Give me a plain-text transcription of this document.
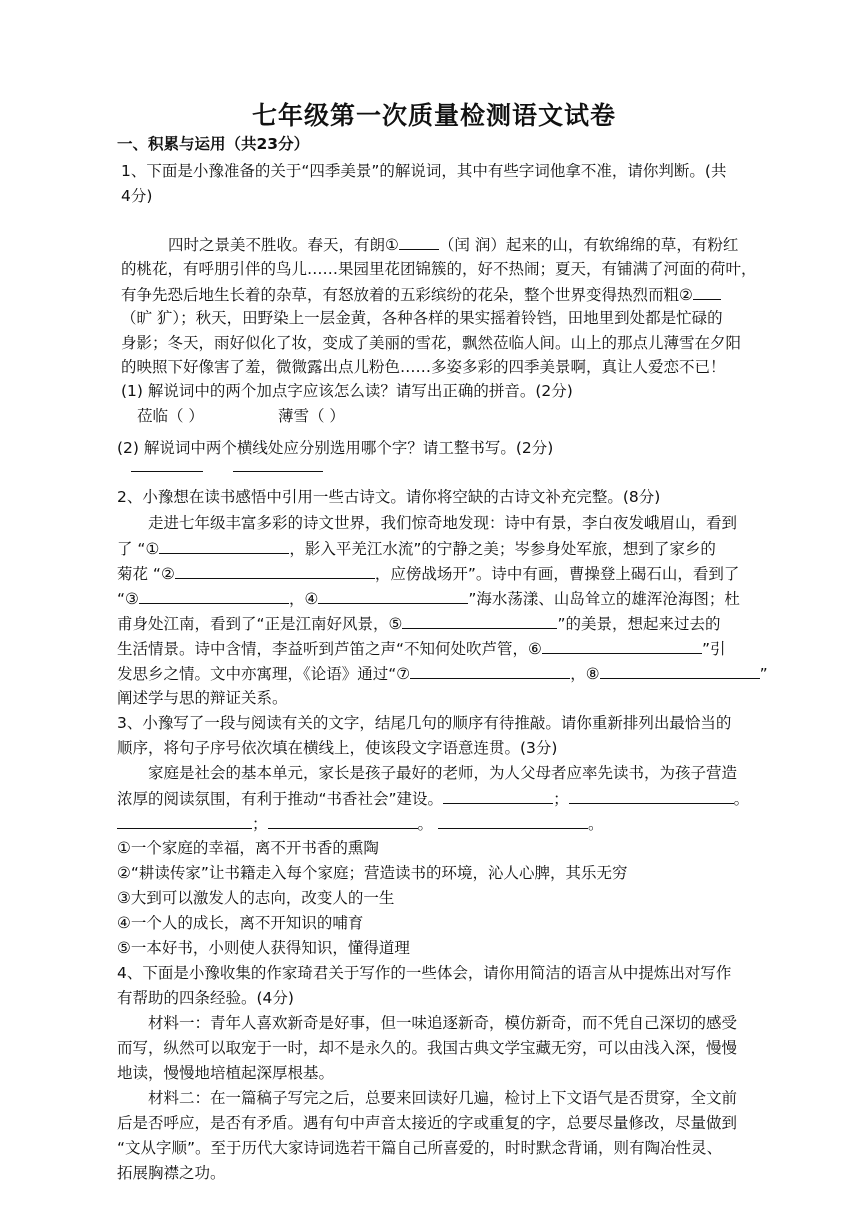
七年级第一次质量检测语文试卷
一、积累与运用（共23分）
1、下面是小豫准备的关于“四季美景”的解说词，其中有些字词他拿不准，请你判断。(共
4分)
四时之景美不胜收。春天，有朗①	（闰 润）起来的山，有软绵绵的草，有粉红
的桃花，有呼朋引伴的鸟儿……果园里花团锦簇的，好不热闹；夏天，有铺满了河面的荷叶，
有争先恐后地生长着的杂草，有怒放着的五彩缤纷的花朵，整个世界变得热烈而粗②
（旷 犷）；秋天，田野染上一层金黄，各种各样的果实摇着铃铛，田地里到处都是忙碌的
身影；冬天，雨好似化了妆，变成了美丽的雪花，飘然莅临人间。山上的那点儿薄雪在夕阳
的映照下好像害了羞，微微露出点儿粉色……多姿多彩的四季美景啊，真让人爱恋不已！
(1) 解说词中的两个加点字应该怎么读？请写出正确的拼音。(2分)
莅临（ ）	薄雪（ ）
(2) 解说词中两个横线处应分别选用哪个字？请工整书写。(2分)
2、小豫想在读书感悟中引用一些古诗文。请你将空缺的古诗文补充完整。(8分)
走进七年级丰富多彩的诗文世界，我们惊奇地发现：诗中有景，李白夜发峨眉山，看到
了 “①	，影入平羌江水流”的宁静之美；岑参身处军旅，想到了家乡的
菊花 “②	，应傍战场开”。诗中有画，曹操登上碣石山，看到了
“③	，④	”海水荡漾、山岛耸立的雄浑沧海图；杜
甫身处江南，看到了“正是江南好风景，⑤	”的美景，想起来过去的
生活情景。诗中含情，李益听到芦笛之声“不知何处吹芦管，⑥	”引
发思乡之情。文中亦寓理，《论语》通过“⑦	，⑧	”
阐述学与思的辩证关系。
3、小豫写了一段与阅读有关的文字，结尾几句的顺序有待推敲。请你重新排列出最恰当的
顺序，将句子序号依次填在横线上，使该段文字语意连贯。(3分)
家庭是社会的基本单元，家长是孩子最好的老师，为人父母者应率先读书，为孩子营造
浓厚的阅读氛围，有利于推动“书香社会”建设。	；	。
；	。	。
①一个家庭的幸福，离不开书香的熏陶
②“耕读传家”让书籍走入每个家庭；营造读书的环境，沁人心脾，其乐无穷
③大到可以激发人的志向，改变人的一生
④一个人的成长，离不开知识的哺育
⑤一本好书，小则使人获得知识，懂得道理
4、下面是小豫收集的作家琦君关于写作的一些体会，请你用简洁的语言从中提炼出对写作
有帮助的四条经验。(4分)
材料一：青年人喜欢新奇是好事，但一味追逐新奇，模仿新奇，而不凭自己深切的感受
而写，纵然可以取宠于一时，却不是永久的。我国古典文学宝藏无穷，可以由浅入深，慢慢
地读，慢慢地培植起深厚根基。
材料二：在一篇稿子写完之后，总要来回读好几遍，检讨上下文语气是否贯穿，全文前
后是否呼应，是否有矛盾。遇有句中声音太接近的字或重复的字，总要尽量修改，尽量做到
“文从字顺”。至于历代大家诗词选若干篇自己所喜爱的，时时默念背诵，则有陶冶性灵、
拓展胸襟之功。
